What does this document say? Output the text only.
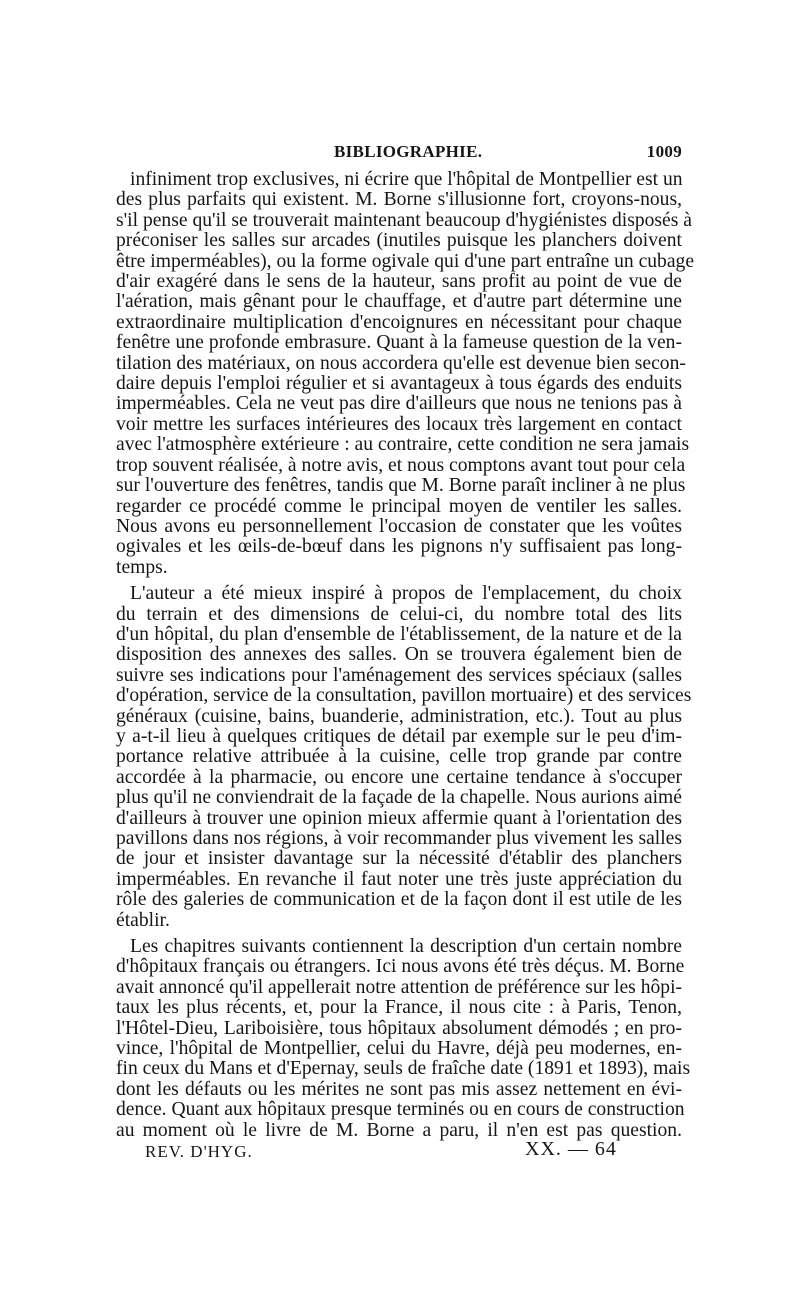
BIBLIOGRAPHIE.	1009

infiniment trop exclusives, ni écrire que l'hôpital de Montpellier est un
des plus parfaits qui existent. M. Borne s'illusionne fort, croyons-nous,
s'il pense qu'il se trouverait maintenant beaucoup d'hygiénistes disposés à
préconiser les salles sur arcades (inutiles puisque les planchers doivent
être imperméables), ou la forme ogivale qui d'une part entraîne un cubage
d'air exagéré dans le sens de la hauteur, sans profit au point de vue de
l'aération, mais gênant pour le chauffage, et d'autre part détermine une
extraordinaire multiplication d'encoignures en nécessitant pour chaque
fenêtre une profonde embrasure. Quant à la fameuse question de la ven-
tilation des matériaux, on nous accordera qu'elle est devenue bien secon-
daire depuis l'emploi régulier et si avantageux à tous égards des enduits
imperméables. Cela ne veut pas dire d'ailleurs que nous ne tenions pas à
voir mettre les surfaces intérieures des locaux très largement en contact
avec l'atmosphère extérieure : au contraire, cette condition ne sera jamais
trop souvent réalisée, à notre avis, et nous comptons avant tout pour cela
sur l'ouverture des fenêtres, tandis que M. Borne paraît incliner à ne plus
regarder ce procédé comme le principal moyen de ventiler les salles.
Nous avons eu personnellement l'occasion de constater que les voûtes
ogivales et les œils-de-bœuf dans les pignons n'y suffisaient pas long-
temps.

L'auteur a été mieux inspiré à propos de l'emplacement, du choix
du terrain et des dimensions de celui-ci, du nombre total des lits
d'un hôpital, du plan d'ensemble de l'établissement, de la nature et de la
disposition des annexes des salles. On se trouvera également bien de
suivre ses indications pour l'aménagement des services spéciaux (salles
d'opération, service de la consultation, pavillon mortuaire) et des services
généraux (cuisine, bains, buanderie, administration, etc.). Tout au plus
y a-t-il lieu à quelques critiques de détail par exemple sur le peu d'im-
portance relative attribuée à la cuisine, celle trop grande par contre
accordée à la pharmacie, ou encore une certaine tendance à s'occuper
plus qu'il ne conviendrait de la façade de la chapelle. Nous aurions aimé
d'ailleurs à trouver une opinion mieux affermie quant à l'orientation des
pavillons dans nos régions, à voir recommander plus vivement les salles
de jour et insister davantage sur la nécessité d'établir des planchers
imperméables. En revanche il faut noter une très juste appréciation du
rôle des galeries de communication et de la façon dont il est utile de les
établir.

Les chapitres suivants contiennent la description d'un certain nombre
d'hôpitaux français ou étrangers. Ici nous avons été très déçus. M. Borne
avait annoncé qu'il appellerait notre attention de préférence sur les hôpi-
taux les plus récents, et, pour la France, il nous cite : à Paris, Tenon,
l'Hôtel-Dieu, Lariboisière, tous hôpitaux absolument démodés ; en pro-
vince, l'hôpital de Montpellier, celui du Havre, déjà peu modernes, en-
fin ceux du Mans et d'Epernay, seuls de fraîche date (1891 et 1893), mais
dont les défauts ou les mérites ne sont pas mis assez nettement en évi-
dence. Quant aux hôpitaux presque terminés ou en cours de construction
au moment où le livre de M. Borne a paru, il n'en est pas question.

REV. D'HYG.	XX. — 64
